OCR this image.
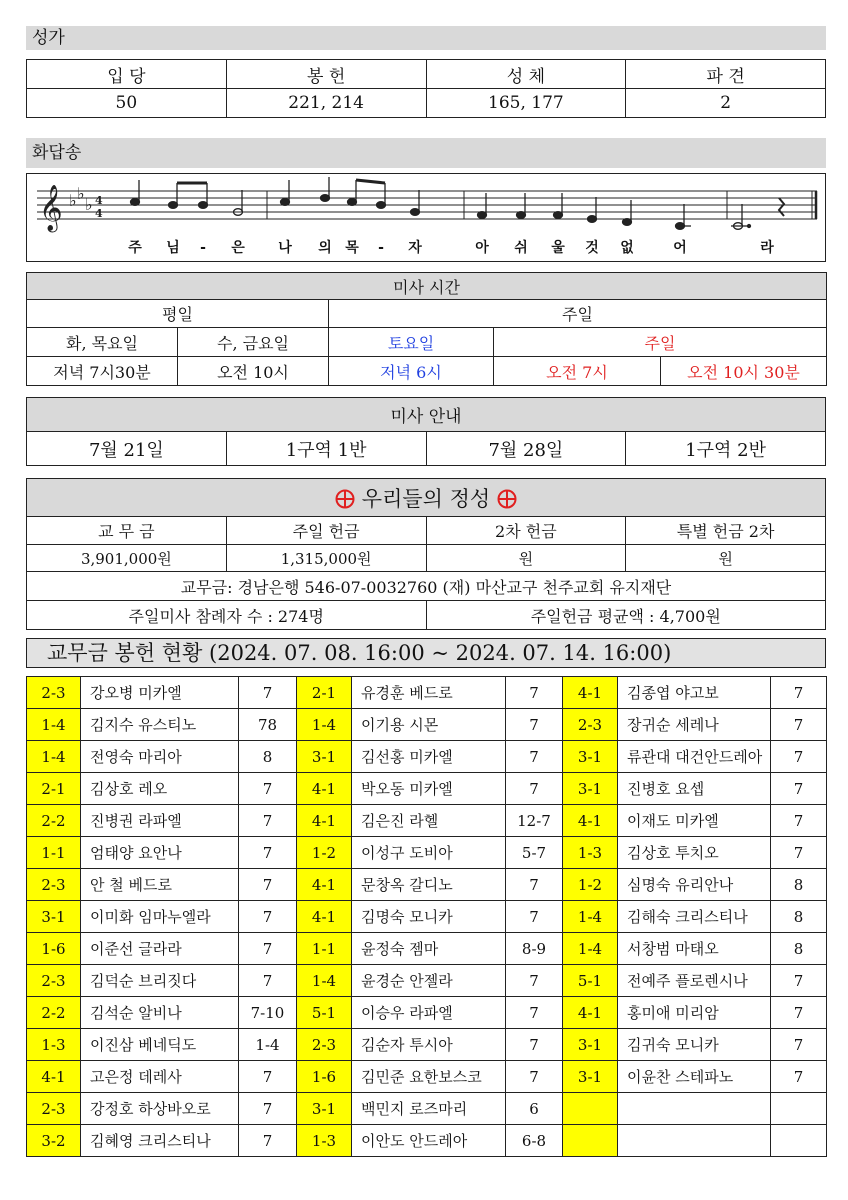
성가
입 당	봉 헌	성 체	파 견
50	221, 214	165, 177	2
화답송
𝄞 ♭ ♭
♭ 4
4
주 님 - 은 나 의 목 - 자	아 쉬 울 것 없	어	라
미사 시간				
평일		주일		
화, 목요일	수, 금요일	토요일	주일	
저녁 7시30분	오전 10시	저녁 6시	오전 7시	오전 10시 30분
미사 안내
7월 21일	1구역 1반	7월 28일	1구역 2반
우리들의 정성			
교 무 금	주일 헌금	2차 헌금	특별 헌금 2차
3,901,000원	1,315,000원	원	원
교무금: 경남은행 546-07-0032760 (재) 마산교구 천주교회 유지재단			
주일미사 참례자 수 : 274명		주일헌금 평균액 : 4,700원	
교무금 봉헌 현황 (2024. 07. 08. 16:00 ~ 2024. 07. 14. 16:00)
2-3	강오병 미카엘	7	2-1	유경훈 베드로	7	4-1	김종엽 야고보	7
1-4	김지수 유스티노	78	1-4	이기용 시몬	7	2-3	장귀순 세레나	7
1-4	전영숙 마리아	8	3-1	김선홍 미카엘	7	3-1	류관대 대건안드레아	7
2-1	김상호 레오	7	4-1	박오동 미카엘	7	3-1	진병호 요셉	7
2-2	진병권 라파엘	7	4-1	김은진 라헬	12-7	4-1	이재도 미카엘	7
1-1	엄태양 요안나	7	1-2	이성구 도비아	5-7	1-3	김상호 투치오	7
2-3	안 철 베드로	7	4-1	문창옥 갈디노	7	1-2	심명숙 유리안나	8
3-1	이미화 임마누엘라	7	4-1	김명숙 모니카	7	1-4	김해숙 크리스티나	8
1-6	이준선 글라라	7	1-1	윤정숙 젬마	8-9	1-4	서창범 마태오	8
2-3	김덕순 브리짓다	7	1-4	윤경순 안젤라	7	5-1	전예주 플로렌시나	7
2-2	김석순 알비나	7-10	5-1	이승우 라파엘	7	4-1	홍미애 미리암	7
1-3	이진삼 베네딕도	1-4	2-3	김순자 투시아	7	3-1	김귀숙 모니카	7
4-1	고은정 데레사	7	1-6	김민준 요한보스코	7	3-1	이윤찬 스테파노	7
2-3	강정호 하상바오로	7	3-1	백민지 로즈마리	6			
3-2	김혜영 크리스티나	7	1-3	이안도 안드레아	6-8			
